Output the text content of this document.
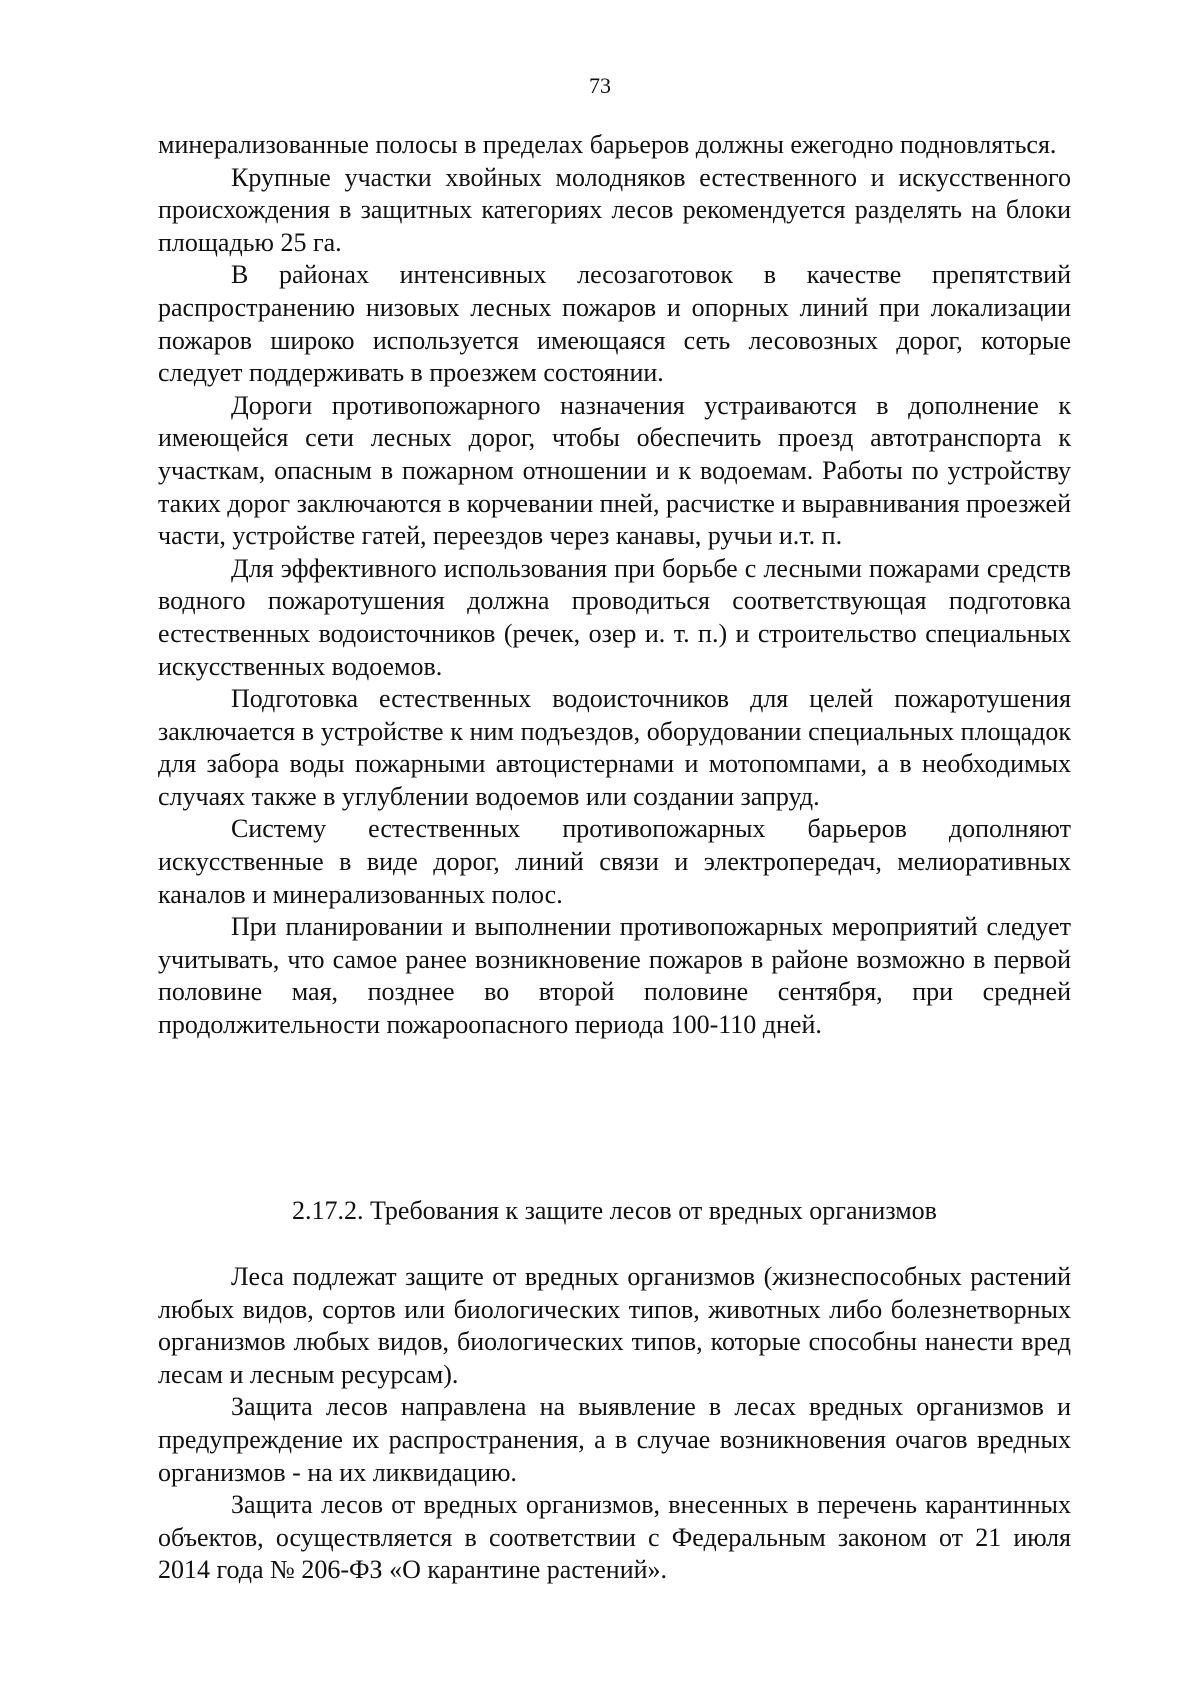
73

минерализованные полосы в пределах барьеров должны ежегодно подновляться.

Крупные участки хвойных молодняков естественного и искусственного происхождения в защитных категориях лесов рекомендуется разделять на блоки площадью 25 га.

В районах интенсивных лесозаготовок в качестве препятствий распространению низовых лесных пожаров и опорных линий при локализации пожаров широко используется имеющаяся сеть лесовозных дорог, которые следует поддерживать в проезжем состоянии.

Дороги противопожарного назначения устраиваются в дополнение к имеющейся сети лесных дорог, чтобы обеспечить проезд автотранспорта к участкам, опасным в пожарном отношении и к водоемам. Работы по устройству таких дорог заключаются в корчевании пней, расчистке и выравнивания проезжей части, устройстве гатей, переездов через канавы, ручьи и.т. п.

Для эффективного использования при борьбе с лесными пожарами средств водного пожаротушения должна проводиться соответствующая подготовка естественных водоисточников (речек, озер и. т. п.) и строительство специальных искусственных водоемов.

Подготовка естественных водоисточников для целей пожаротушения заключается в устройстве к ним подъездов, оборудовании специальных площадок для забора воды пожарными автоцистернами и мотопомпами, а в необходимых случаях также в углублении водоемов или создании запруд.

Систему естественных противопожарных барьеров дополняют искусственные в виде дорог, линий связи и электропередач, мелиоративных каналов и минерализованных полос.

При планировании и выполнении противопожарных мероприятий следует учитывать, что самое ранее возникновение пожаров в районе возможно в первой половине мая, позднее во второй половине сентября, при средней продолжительности пожароопасного периода 100-110 дней.

2.17.2. Требования к защите лесов от вредных организмов

Леса подлежат защите от вредных организмов (жизнеспособных растений любых видов, сортов или биологических типов, животных либо болезнетворных организмов любых видов, биологических типов, которые способны нанести вред лесам и лесным ресурсам).

Защита лесов направлена на выявление в лесах вредных организмов и предупреждение их распространения, а в случае возникновения очагов вредных организмов - на их ликвидацию.

Защита лесов от вредных организмов, внесенных в перечень карантинных объектов, осуществляется в соответствии с Федеральным законом от 21 июля 2014 года № 206-ФЗ «О карантине растений».
